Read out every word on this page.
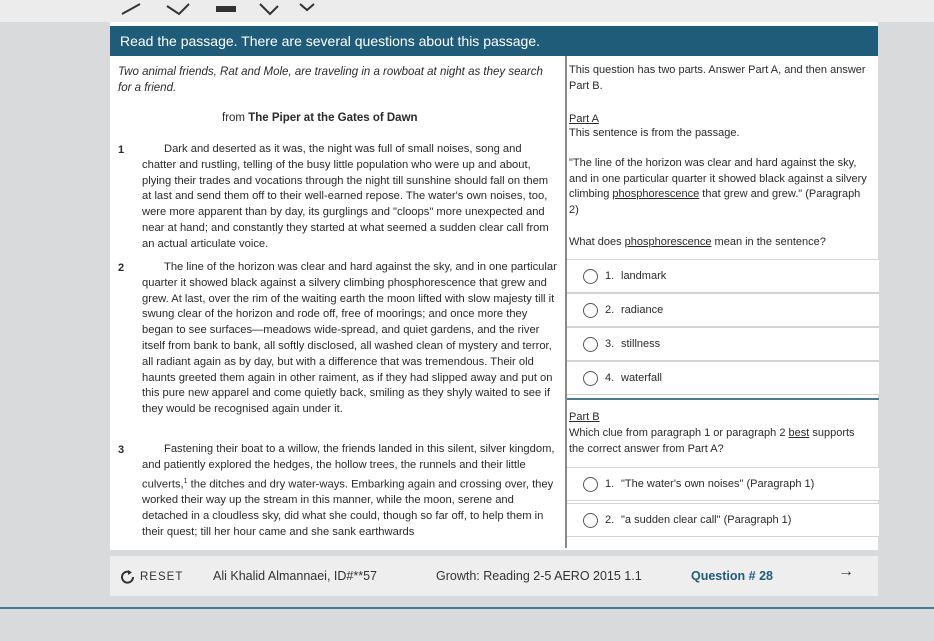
Read the passage. There are several questions about this passage.
Two animal friends, Rat and Mole, are traveling in a rowboat at night as they search for a friend.
from The Piper at the Gates of Dawn
1	Dark and deserted as it was, the night was full of small noises, song and chatter and rustling, telling of the busy little population who were up and about, plying their trades and vocations through the night till sunshine should fall on them at last and send them off to their well-earned repose. The water's own noises, too, were more apparent than by day, its gurglings and "cloops" more unexpected and near at hand; and constantly they started at what seemed a sudden clear call from an actual articulate voice.
2	The line of the horizon was clear and hard against the sky, and in one particular quarter it showed black against a silvery climbing phosphorescence that grew and grew. At last, over the rim of the waiting earth the moon lifted with slow majesty till it swung clear of the horizon and rode off, free of moorings; and once more they began to see surfaces—meadows wide-spread, and quiet gardens, and the river itself from bank to bank, all softly disclosed, all washed clean of mystery and terror, all radiant again as by day, but with a difference that was tremendous. Their old haunts greeted them again in other raiment, as if they had slipped away and put on this pure new apparel and come quietly back, smiling as they shyly waited to see if they would be recognised again under it.
3	Fastening their boat to a willow, the friends landed in this silent, silver kingdom, and patiently explored the hedges, the hollow trees, the runnels and their little culverts,$^1$ the ditches and dry water-ways. Embarking again and crossing over, they worked their way up the stream in this manner, while the moon, serene and detached in a cloudless sky, did what she could, though so far off, to help them in their quest; till her hour came and she sank earthwards
This question has two parts. Answer Part A, and then answer Part B.
Part A
This sentence is from the passage.
"The line of the horizon was clear and hard against the sky, and in one particular quarter it showed black against a silvery climbing phosphorescence that grew and grew." (Paragraph 2)
What does phosphorescence mean in the sentence?
1. landmark
2. radiance
3. stillness
4. waterfall
Part B
Which clue from paragraph 1 or paragraph 2 best supports the correct answer from Part A?
1. "The water's own noises" (Paragraph 1)
2. "a sudden clear call" (Paragraph 1)
RESET Ali Khalid Almannaei, ID#**57	Growth: Reading 2-5 AERO 2015 1.1	Question # 28	→
